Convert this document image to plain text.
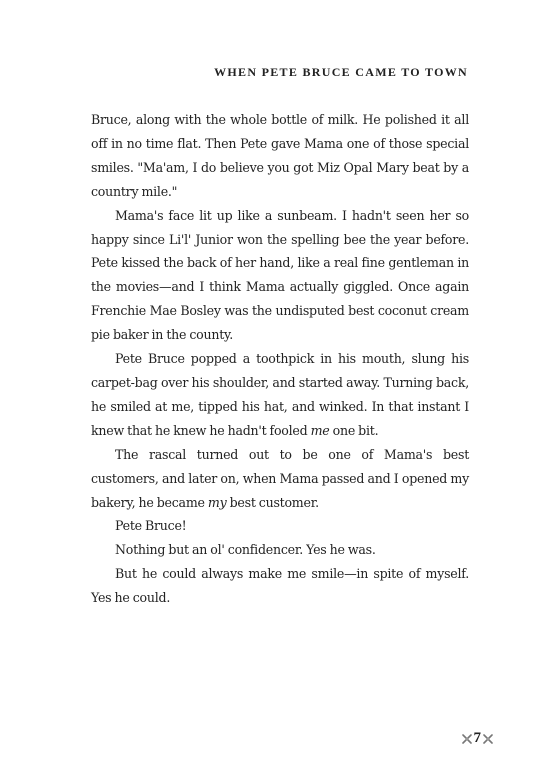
WHEN PETE BRUCE CAME TO TOWN

Bruce, along with the whole bottle of milk. He polished it all off in no time flat. Then Pete gave Mama one of those special smiles. "Ma'am, I do believe you got Miz Opal Mary beat by a country mile."

Mama's face lit up like a sunbeam. I hadn't seen her so happy since Li'l' Junior won the spelling bee the year before. Pete kissed the back of her hand, like a real fine gentleman in the movies—and I think Mama actually giggled. Once again Frenchie Mae Bosley was the undisputed best coconut cream pie baker in the county.

Pete Bruce popped a toothpick in his mouth, slung his carpet-bag over his shoulder, and started away. Turning back, he smiled at me, tipped his hat, and winked. In that instant I knew that he knew he hadn't fooled me one bit.

The rascal turned out to be one of Mama's best customers, and later on, when Mama passed and I opened my bakery, he became my best customer.

Pete Bruce!

Nothing but an ol' confidencer. Yes he was.

But he could always make me smile—in spite of myself. Yes he could.

7
